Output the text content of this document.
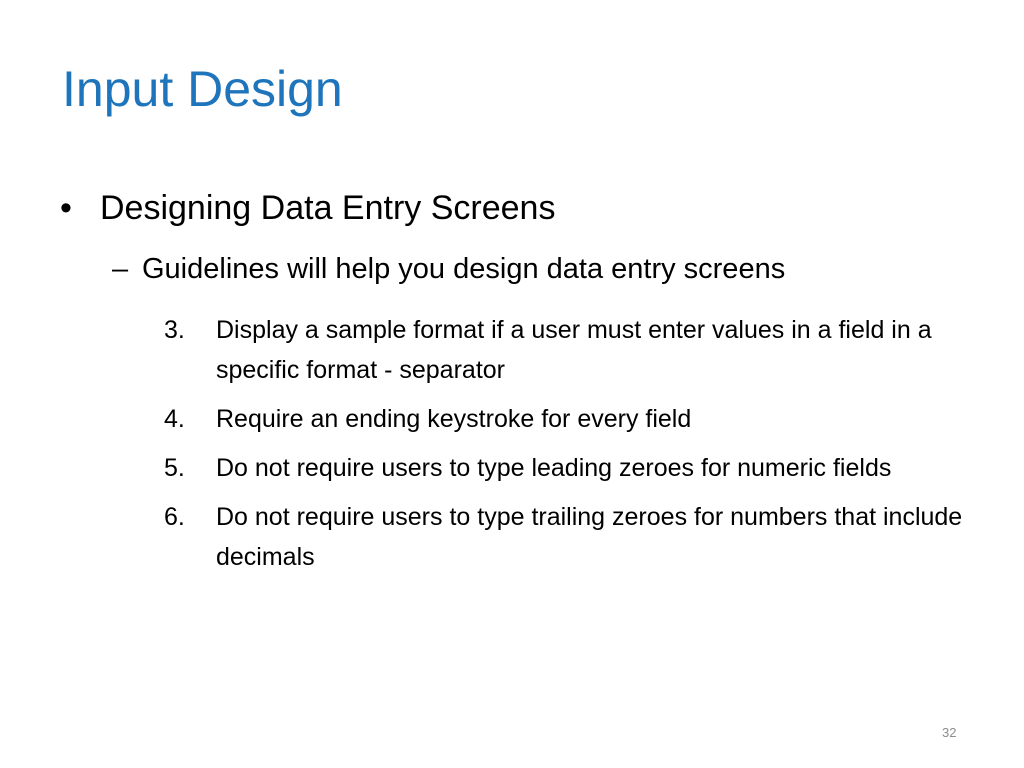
Input Design
• Designing Data Entry Screens
– Guidelines will help you design data entry screens
3. Display a sample format if a user must enter values in a field in a specific format - separator
4. Require an ending keystroke for every field
5. Do not require users to type leading zeroes for numeric fields
6. Do not require users to type trailing zeroes for numbers that include decimals
32
